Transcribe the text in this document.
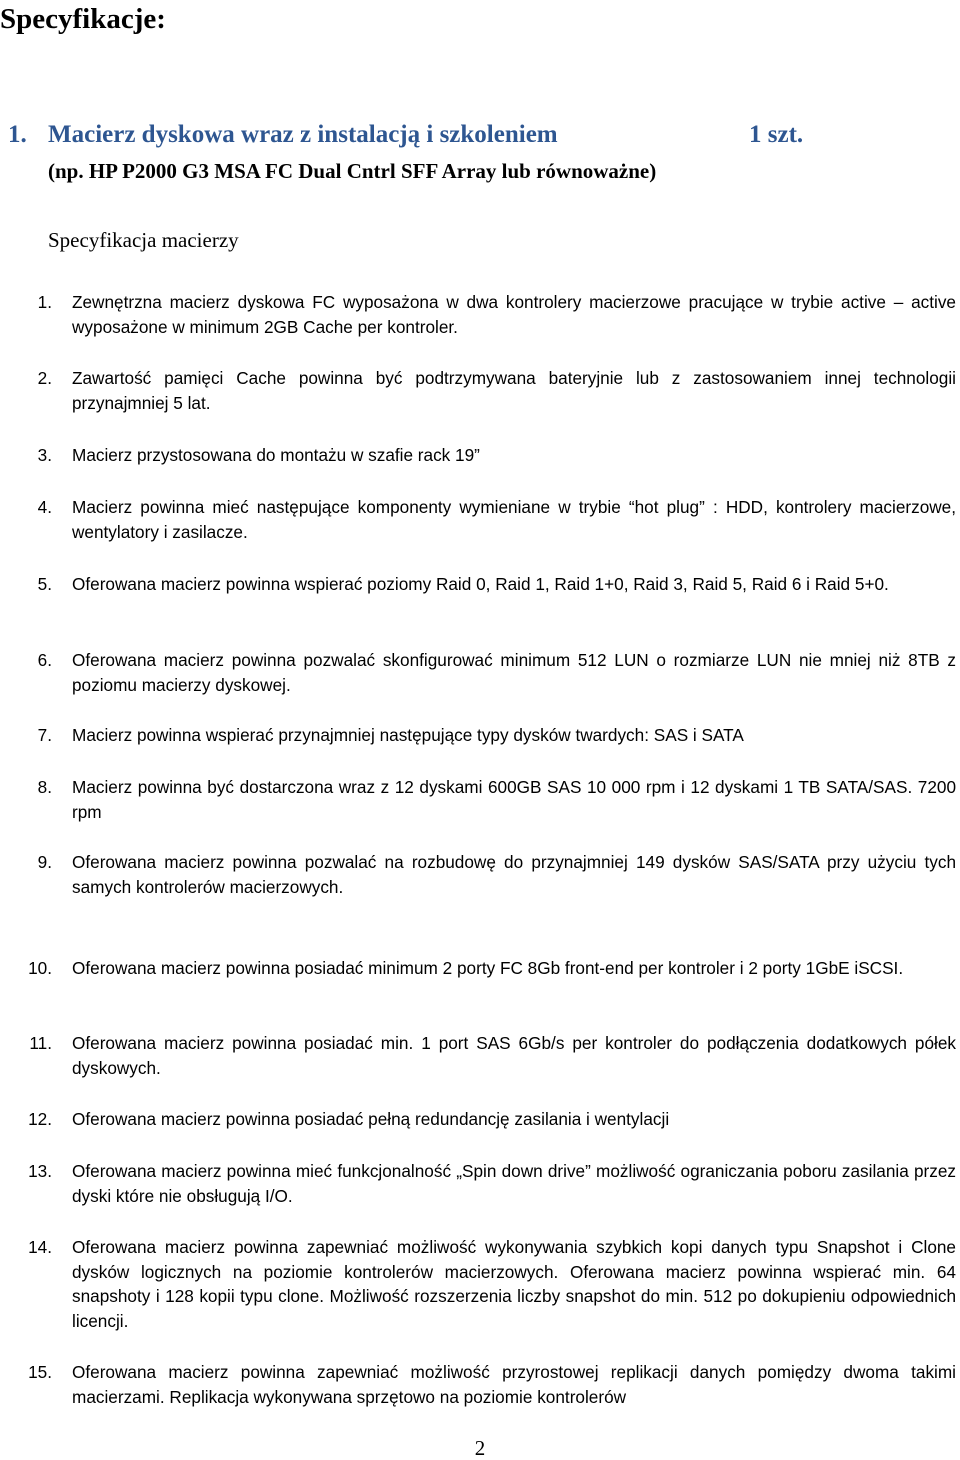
Specyfikacje:
1. Macierz dyskowa wraz z instalacją i szkoleniem	1 szt.
(np. HP P2000 G3 MSA FC Dual Cntrl SFF Array lub równoważne)
Specyfikacja macierzy
1. Zewnętrzna macierz dyskowa FC wyposażona w dwa kontrolery macierzowe pracujące w trybie active – active wyposażone w minimum 2GB Cache per kontroler.
2. Zawartość pamięci Cache powinna być podtrzymywana bateryjnie lub z zastosowaniem innej technologii przynajmniej 5 lat.
3. Macierz przystosowana do montażu w szafie rack 19”
4. Macierz powinna mieć następujące komponenty wymieniane w trybie “hot plug” : HDD, kontrolery macierzowe, wentylatory i zasilacze.
5. Oferowana macierz powinna wspierać poziomy Raid 0, Raid 1, Raid 1+0, Raid 3, Raid 5, Raid 6 i Raid 5+0.
6. Oferowana macierz powinna pozwalać skonfigurować minimum 512 LUN o rozmiarze LUN nie mniej niż 8TB z poziomu macierzy dyskowej.
7. Macierz powinna wspierać przynajmniej następujące typy dysków twardych: SAS i SATA
8. Macierz powinna być dostarczona wraz z 12 dyskami 600GB SAS 10 000 rpm i 12 dyskami 1 TB SATA/SAS. 7200 rpm
9. Oferowana macierz powinna pozwalać na rozbudowę do przynajmniej 149 dysków SAS/SATA przy użyciu tych samych kontrolerów macierzowych.
10. Oferowana macierz powinna posiadać minimum 2 porty FC 8Gb front-end per kontroler i 2 porty 1GbE iSCSI.
11. Oferowana macierz powinna posiadać min. 1 port SAS 6Gb/s per kontroler do podłączenia dodatkowych półek dyskowych.
12. Oferowana macierz powinna posiadać pełną redundancję zasilania i wentylacji
13. Oferowana macierz powinna mieć funkcjonalność „Spin down drive” możliwość ograniczania poboru zasilania przez dyski które nie obsługują I/O.
14. Oferowana macierz powinna zapewniać możliwość wykonywania szybkich kopi danych typu Snapshot i Clone dysków logicznych na poziomie kontrolerów macierzowych. Oferowana macierz powinna wspierać min. 64 snapshoty i 128 kopii typu clone. Możliwość rozszerzenia liczby snapshot do min. 512 po dokupieniu odpowiednich licencji.
15. Oferowana macierz powinna zapewniać możliwość przyrostowej replikacji danych pomiędzy dwoma takimi macierzami. Replikacja wykonywana sprzętowo na poziomie kontrolerów
2
